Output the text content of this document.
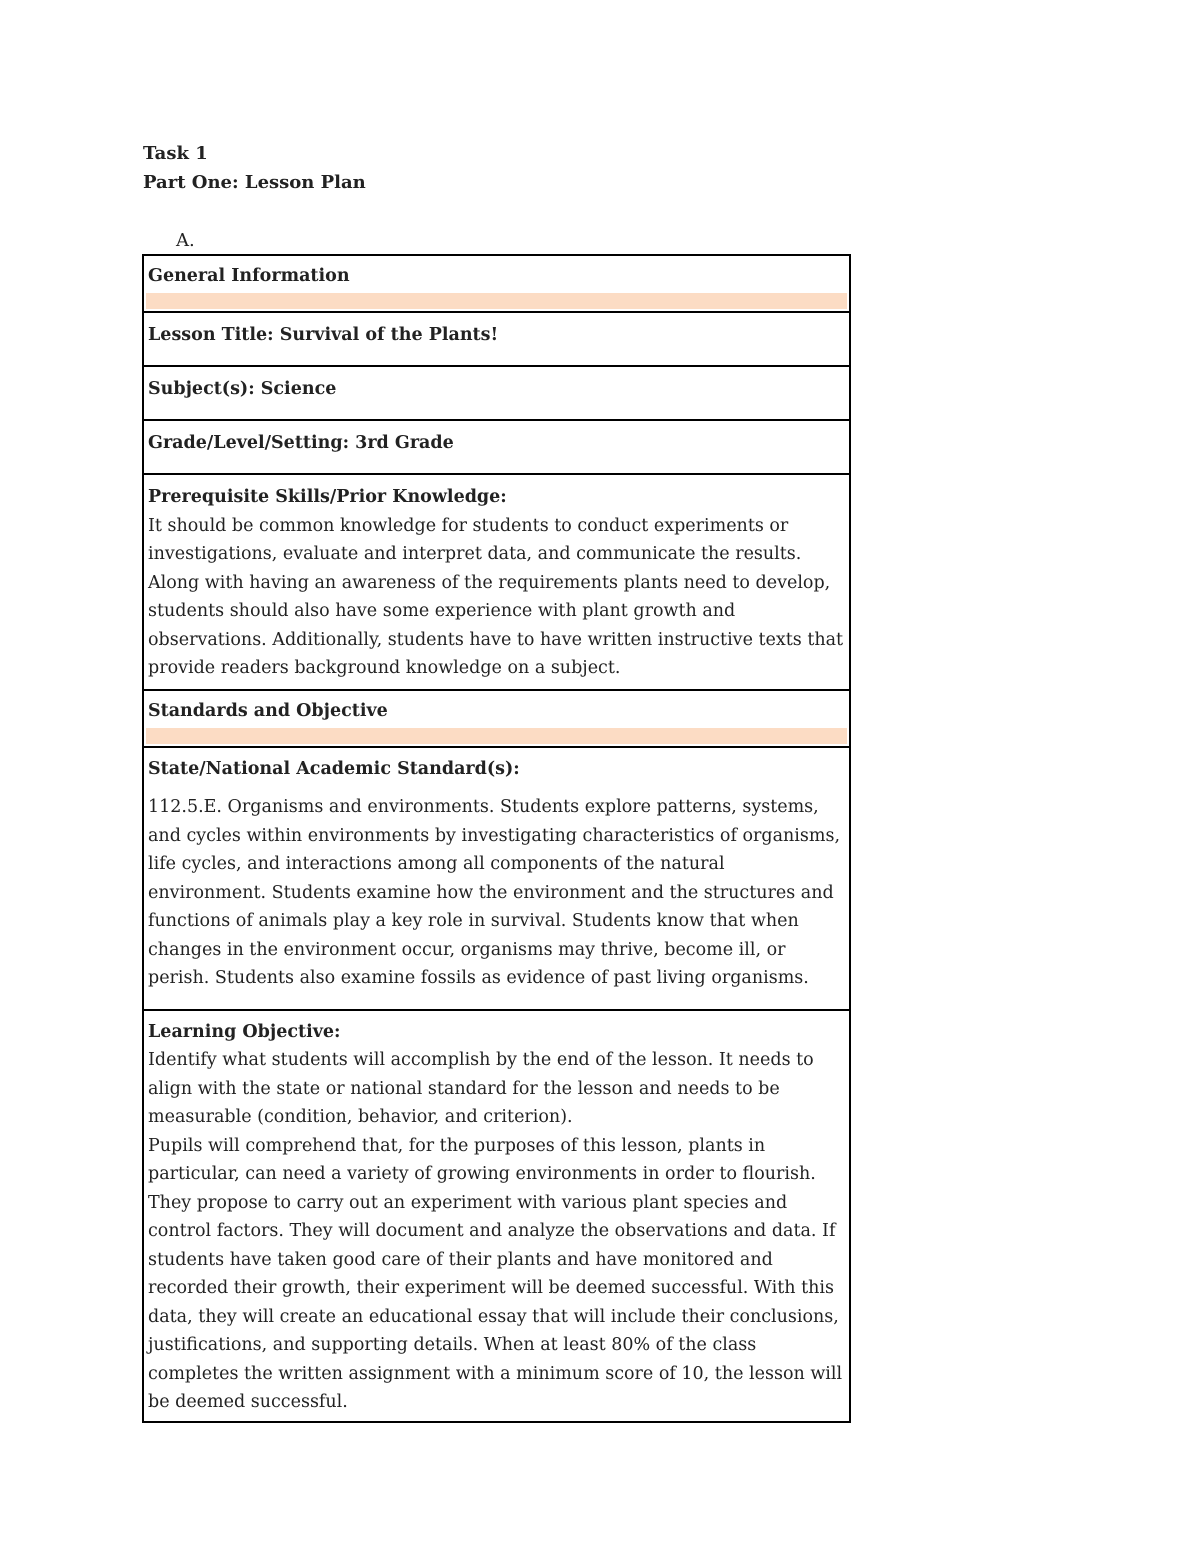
Task 1
Part One: Lesson Plan
A.
General Information
Lesson Title: Survival of the Plants!
Subject(s): Science
Grade/Level/Setting: 3rd Grade

Prerequisite Skills/Prior Knowledge:

It should be common knowledge for students to conduct experiments or investigations, evaluate and interpret data, and communicate the results. Along with having an awareness of the requirements plants need to develop, students should also have some experience with plant growth and observations. Additionally, students have to have written instructive texts that provide readers background knowledge on a subject.

Standards and Objective

State/National Academic Standard(s):

112.5.E. Organisms and environments. Students explore patterns, systems, and cycles within environments by investigating characteristics of organisms, life cycles, and interactions among all components of the natural environment. Students examine how the environment and the structures and functions of animals play a key role in survival. Students know that when changes in the environment occur, organisms may thrive, become ill, or perish. Students also examine fossils as evidence of past living organisms.

Learning Objective:

Identify what students will accomplish by the end of the lesson. It needs to align with the state or national standard for the lesson and needs to be measurable (condition, behavior, and criterion).

Pupils will comprehend that, for the purposes of this lesson, plants in particular, can need a variety of growing environments in order to flourish. They propose to carry out an experiment with various plant species and control factors. They will document and analyze the observations and data. If students have taken good care of their plants and have monitored and recorded their growth, their experiment will be deemed successful. With this data, they will create an educational essay that will include their conclusions, justifications, and supporting details. When at least 80% of the class completes the written assignment with a minimum score of 10, the lesson will be deemed successful.
